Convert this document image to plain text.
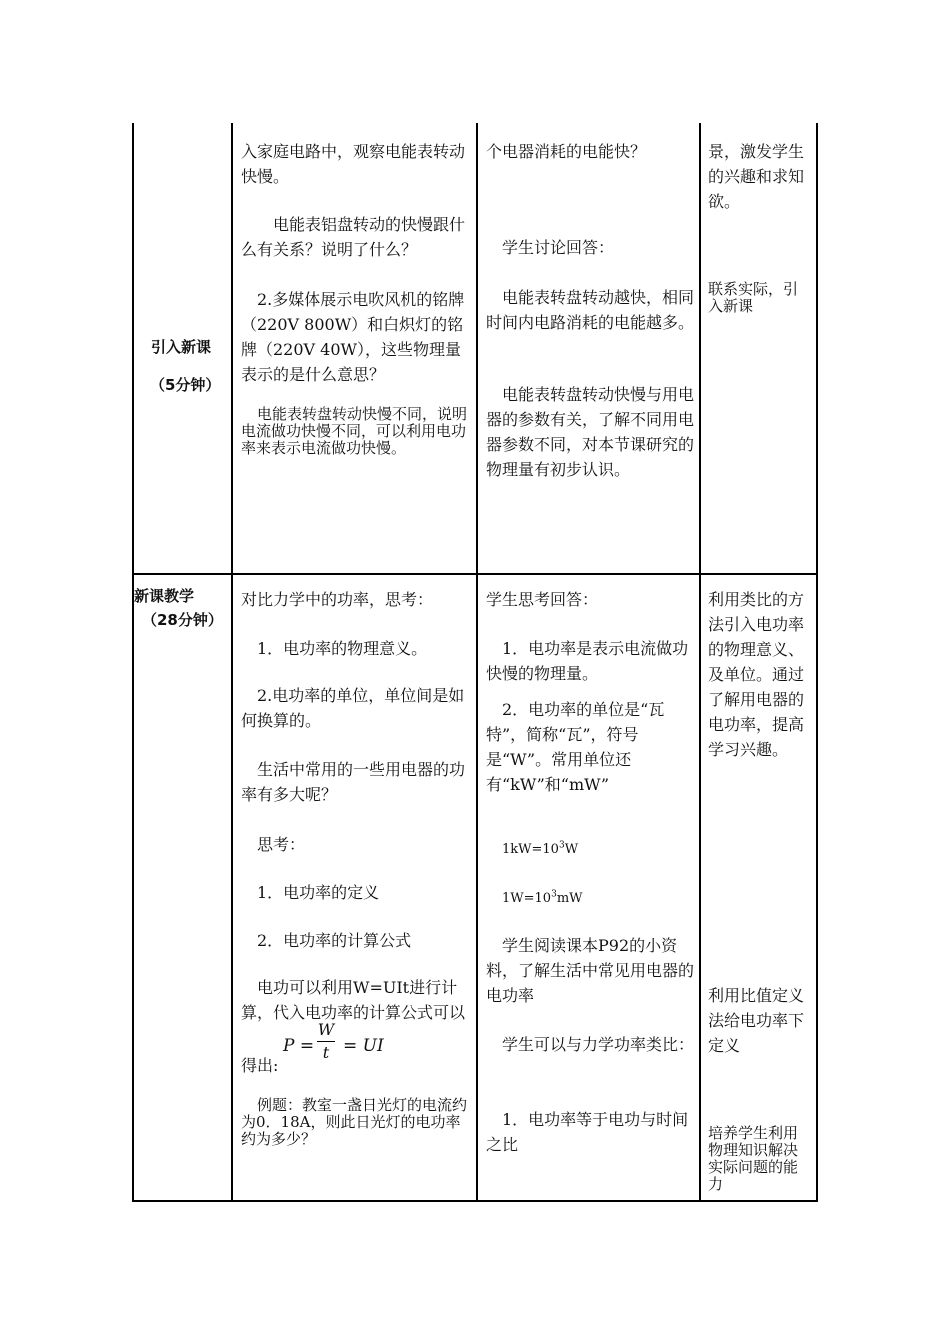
引入新课
（5分钟）

入家庭电路中，观察电能表转动快慢。

电能表铝盘转动的快慢跟什么有关系？说明了什么？

2.多媒体展示电吹风机的铭牌（220V 800W）和白炽灯的铭牌（220V 40W），这些物理量表示的是什么意思？

电能表转盘转动快慢不同，说明电流做功快慢不同，可以利用电功率来表示电流做功快慢。

个电器消耗的电能快？

学生讨论回答：

电能表转盘转动越快，相同时间内电路消耗的电能越多。

电能表转盘转动快慢与用电器的参数有关，了解不同用电器参数不同，对本节课研究的物理量有初步认识。

景，激发学生的兴趣和求知欲。

联系实际，引入新课

新课教学
（28分钟）

对比力学中的功率，思考：

1．电功率的物理意义。

2.电功率的单位，单位间是如何换算的。

生活中常用的一些用电器的功率有多大呢？

思考：

1．电功率的定义

2．电功率的计算公式

电功可以利用W=UIt进行计算，代入电功率的计算公式可以

P =
W
t = UI

得出:

例题：教室一盏日光灯的电流约为0．18A，则此日光灯的电功率约为多少？

学生思考回答：

1．电功率是表示电流做功快慢的物理量。

2．电功率的单位是“瓦特”，简称“瓦”，符号是“W”。常用单位还有“kW”和“mW”

$1kW=10^3W$

$1W=10^3mW$

学生阅读课本P92的小资料，了解生活中常见用电器的电功率

学生可以与力学功率类比：

1．电功率等于电功与时间之比

利用类比的方法引入电功率的物理意义、及单位。通过了解用电器的电功率，提高学习兴趣。

利用比值定义法给电功率下定义

培养学生利用物理知识解决实际问题的能力
